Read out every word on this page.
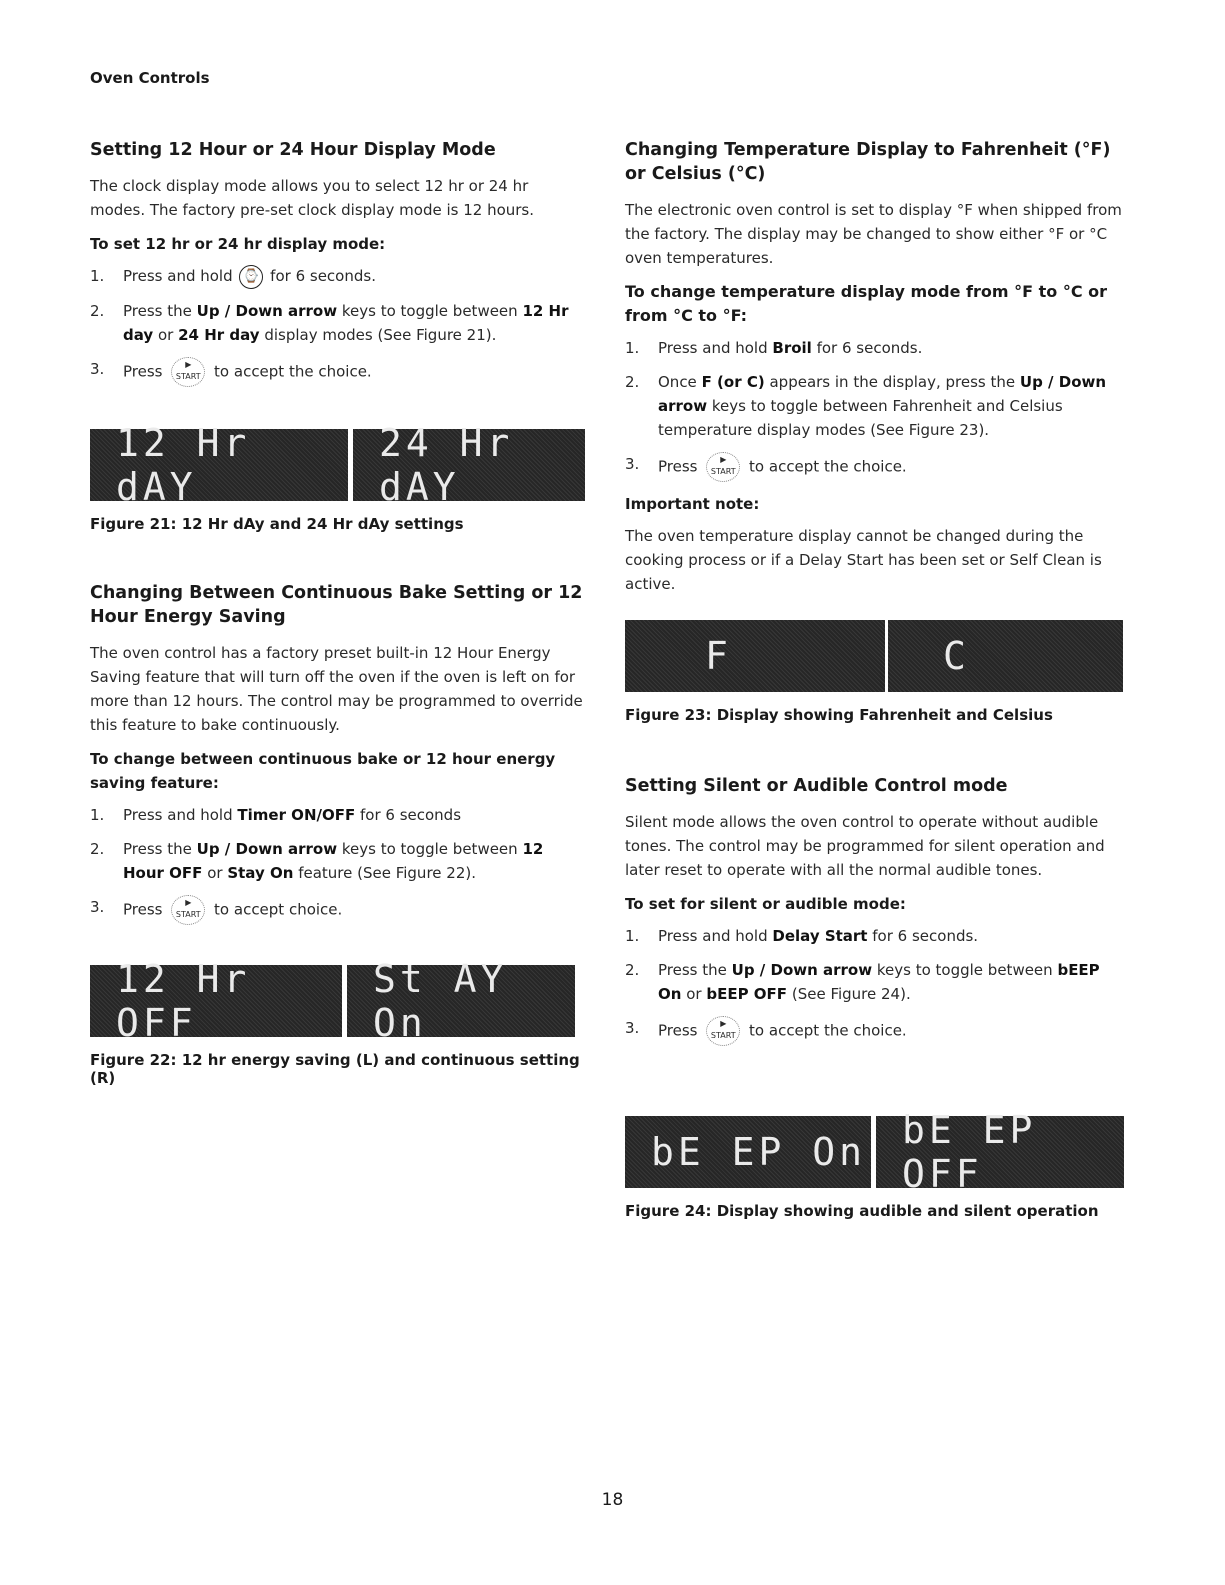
Oven Controls
Setting 12 Hour or 24 Hour Display Mode

The clock display mode allows you to select 12 hr or 24 hr modes. The factory pre-set clock display mode is 12 hours.

To set 12 hr or 24 hr display mode:

1. Press and hold ⌚ for 6 seconds.
2. Press the Up / Down arrow keys to toggle between 12 Hr day or 24 Hr day display modes (See Figure 21).
3. Press	▶
START to accept the choice.
12 Hr dAY
24 Hr dAY
Figure 21: 12 Hr dAy and 24 Hr dAy settings
Changing Between Continuous Bake Setting or 12 Hour Energy Saving

The oven control has a factory preset built-in 12 Hour Energy Saving feature that will turn off the oven if the oven is left on for more than 12 hours. The control may be programmed to override this feature to bake continuously.

To change between continuous bake or 12 hour energy saving feature:

1. Press and hold Timer ON/OFF for 6 seconds
2. Press the Up / Down arrow keys to toggle between 12 Hour OFF or Stay On feature (See Figure 22).
3. Press	▶
START to accept choice.
12 Hr OFF
St AY On
Figure 22: 12 hr energy saving (L) and continuous setting (R)
Changing Temperature Display to Fahrenheit (°F) or Celsius (°C)

The electronic oven control is set to display °F when shipped from the factory. The display may be changed to show either °F or °C oven temperatures.

To change temperature display mode from °F to °C or from °C to °F:

1. Press and hold Broil for 6 seconds.
2. Once F (or C) appears in the display, press the Up / Down arrow keys to toggle between Fahrenheit and Celsius temperature display modes (See Figure 23).
3. Press	▶
START to accept the choice.

Important note:

The oven temperature display cannot be changed during the cooking process or if a Delay Start has been set or Self Clean is active.

F	C
Figure 23: Display showing Fahrenheit and Celsius
Setting Silent or Audible Control mode

Silent mode allows the oven control to operate without audible tones. The control may be programmed for silent operation and later reset to operate with all the normal audible tones.

To set for silent or audible mode:

1. Press and hold Delay Start for 6 seconds.
2. Press the Up / Down arrow keys to toggle between bEEP On or bEEP OFF (See Figure 24).
3. Press	▶
START to accept the choice.
bE EP On bE EP OFF
Figure 24: Display showing audible and silent operation
18
